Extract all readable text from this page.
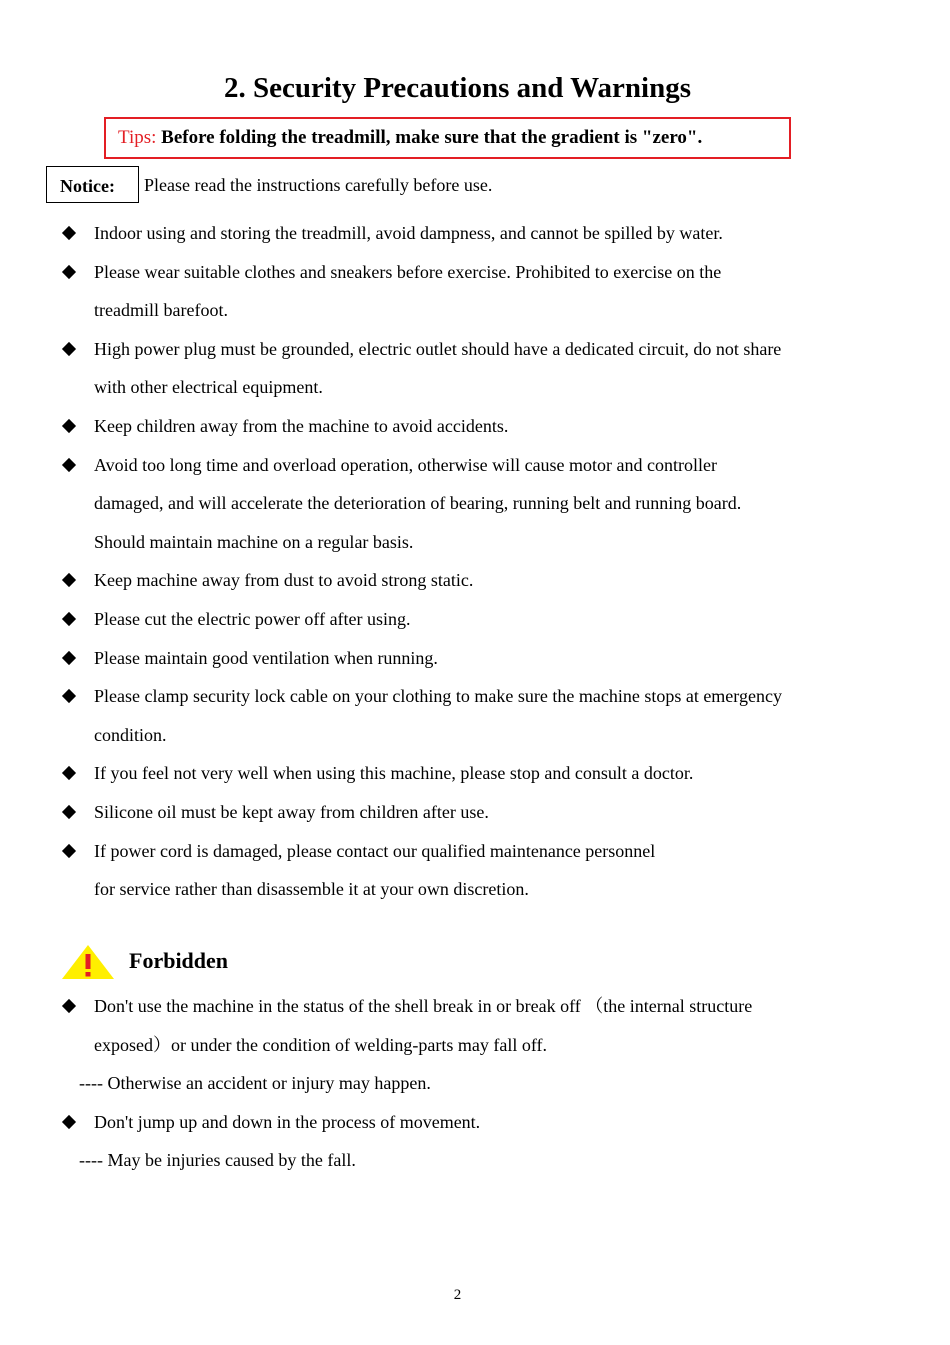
2. Security Precautions and Warnings
Tips: Before folding the treadmill, make sure that the gradient is "zero".
Notice: Please read the instructions carefully before use.
Indoor using and storing the treadmill, avoid dampness, and cannot be spilled by water.
Please wear suitable clothes and sneakers before exercise. Prohibited to exercise on the
treadmill barefoot.
High power plug must be grounded, electric outlet should have a dedicated circuit, do not share
with other electrical equipment.
Keep children away from the machine to avoid accidents.
Avoid too long time and overload operation, otherwise will cause motor and controller
damaged, and will accelerate the deterioration of bearing, running belt and running board.
Should maintain machine on a regular basis.
Keep machine away from dust to avoid strong static.
Please cut the electric power off after using.
Please maintain good ventilation when running.
Please clamp security lock cable on your clothing to make sure the machine stops at emergency
condition.
If you feel not very well when using this machine, please stop and consult a doctor.
Silicone oil must be kept away from children after use.
If power cord is damaged, please contact our qualified maintenance personnel
for service rather than disassemble it at your own discretion.
Forbidden
Don't use the machine in the status of the shell break in or break off （the internal structure
exposed）or under the condition of welding-parts may fall off.
---- Otherwise an accident or injury may happen.
Don't jump up and down in the process of movement.
---- May be injuries caused by the fall.
2
